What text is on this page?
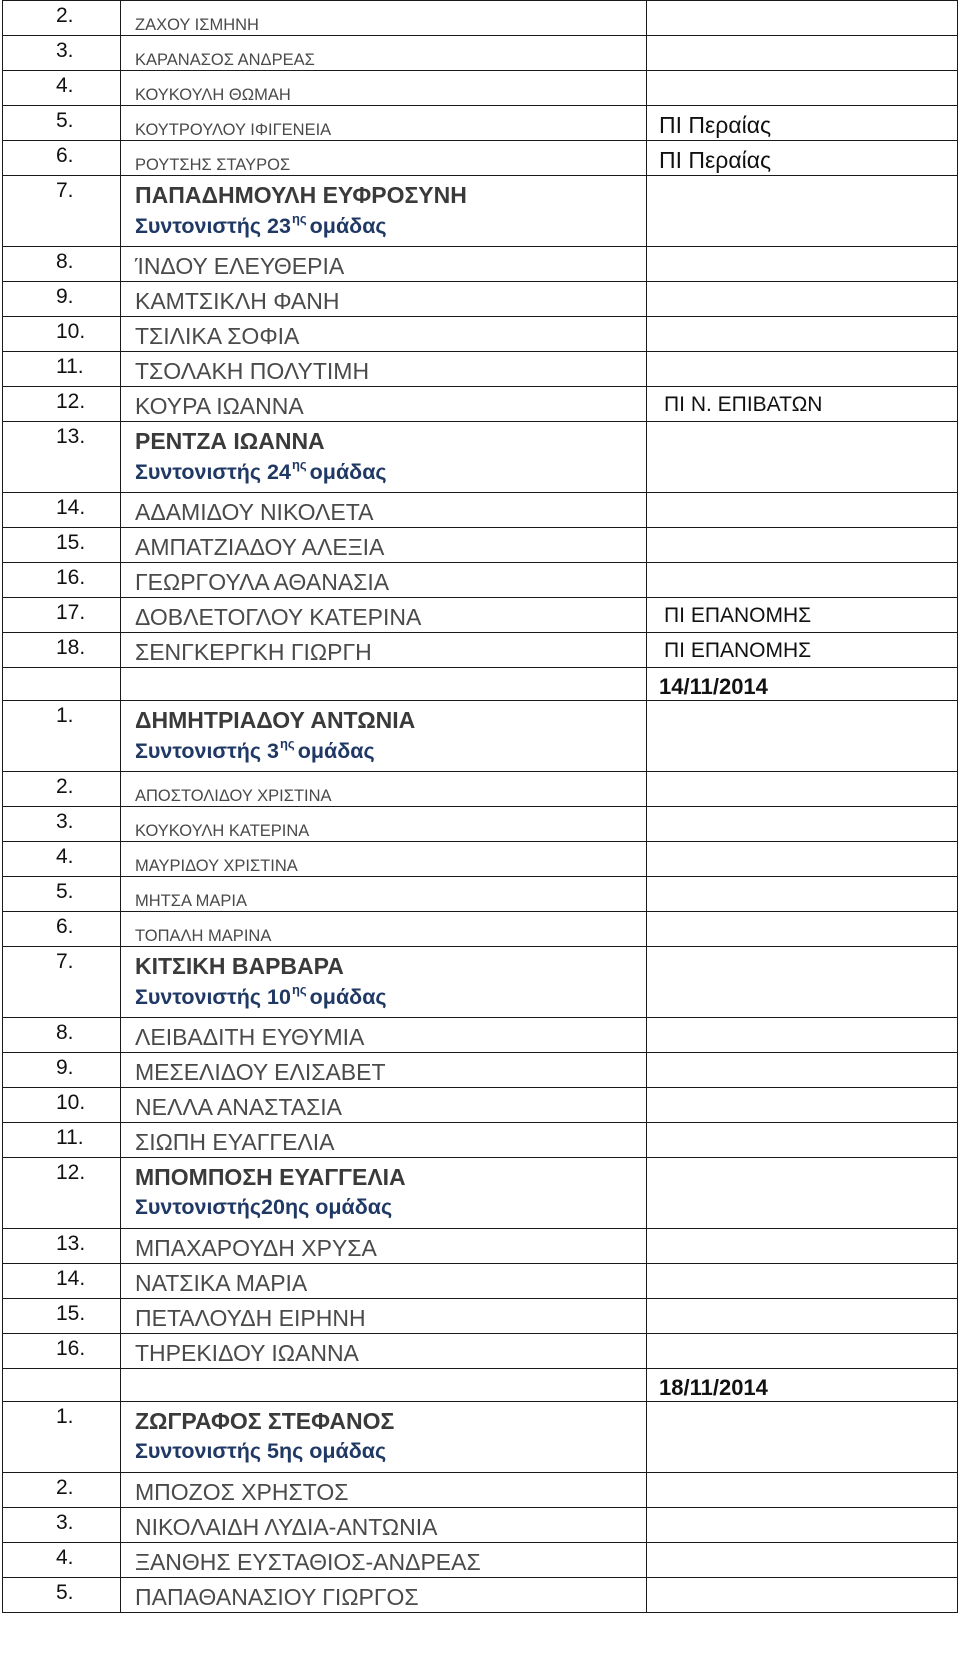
2.	ΖΑΧΟΥ ΙΣΜΗΝΗ	

3.	ΚΑΡΑΝΑΣΟΣ ΑΝΔΡΕΑΣ	

4.	ΚΟΥΚΟΥΛΗ ΘΩΜΑΗ	

5.	ΚΟΥΤΡΟΥΛΟΥ ΙΦΙΓΕΝΕΙΑ	ΠΙ Περαίας

6.	ΡΟΥΤΣΗΣ ΣΤΑΥΡΟΣ	ΠΙ Περαίας

7.	ΠΑΠΑΔΗΜΟΥΛΗ ΕΥΦΡΟΣΥΝΗ
Συντονιστής $23^{\eta\varsigma}$ ομάδας	

8.	ΊΝΔΟΥ ΕΛΕΥΘΕΡΙΑ	

9.	ΚΑΜΤΣΙΚΛΗ ΦΑΝΗ	

10.	ΤΣΙΛΙΚΑ ΣΟΦΙΑ	

11.	ΤΣΟΛΑΚΗ ΠΟΛΥΤΙΜΗ	

12.	ΚΟΥΡΑ ΙΩΑΝΝΑ	ΠΙ Ν. ΕΠΙΒΑΤΩΝ

13.	ΡΕΝΤΖΑ ΙΩΑΝΝΑ
Συντονιστής $24^{\eta\varsigma}$ ομάδας	

14.	ΑΔΑΜΙΔΟΥ ΝΙΚΟΛΕΤΑ	

15.	ΑΜΠΑΤΖΙΑΔΟΥ ΑΛΕΞΙΑ	

16.	ΓΕΩΡΓΟΥΛΑ ΑΘΑΝΑΣΙΑ	

17.	ΔΟΒΛΕΤΟΓΛΟΥ ΚΑΤΕΡΙΝΑ	ΠΙ ΕΠΑΝΟΜΗΣ

18.	ΣΕΝΓΚΕΡΓΚΗ ΓΙΩΡΓΗ	ΠΙ ΕΠΑΝΟΜΗΣ

		14/11/2014

1.	ΔΗΜΗΤΡΙΑΔΟΥ ΑΝΤΩΝΙΑ
Συντονιστής $3^{\eta\varsigma}$ ομάδας	

2.	ΑΠΟΣΤΟΛΙΔΟΥ ΧΡΙΣΤΙΝΑ	

3.	ΚΟΥΚΟΥΛΗ ΚΑΤΕΡΙΝΑ	

4.	ΜΑΥΡΙΔΟΥ ΧΡΙΣΤΙΝΑ	

5.	ΜΗΤΣΑ ΜΑΡΙΑ	

6.	ΤΟΠΑΛΗ ΜΑΡΙΝΑ	

7.	ΚΙΤΣΙΚΗ ΒΑΡΒΑΡΑ
Συντονιστής $10^{\eta\varsigma}$ ομάδας	

8.	ΛΕΙΒΑΔΙΤΗ ΕΥΘΥΜΙΑ	

9.	ΜΕΣΕΛΙΔΟΥ ΕΛΙΣΑΒΕΤ	

10.	ΝΕΛΛΑ ΑΝΑΣΤΑΣΙΑ	

11.	ΣΙΩΠΗ ΕΥΑΓΓΕΛΙΑ	

12.	ΜΠΟΜΠΟΣΗ ΕΥΑΓΓΕΛΙΑ
Συντονιστής20ης ομάδας	

13.	ΜΠΑΧΑΡΟΥΔΗ ΧΡΥΣΑ	

14.	ΝΑΤΣΙΚΑ ΜΑΡΙΑ	

15.	ΠΕΤΑΛΟΥΔΗ ΕΙΡΗΝΗ	

16.	ΤΗΡΕΚΙΔΟΥ ΙΩΑΝΝΑ	

		18/11/2014

1.	ΖΩΓΡΑΦΟΣ ΣΤΕΦΑΝΟΣ
Συντονιστής 5ης ομάδας	

2.	ΜΠΟΖΟΣ ΧΡΗΣΤΟΣ	

3.	ΝΙΚΟΛΑΙΔΗ ΛΥΔΙΑ-ΑΝΤΩΝΙΑ	

4.	ΞΑΝΘΗΣ ΕΥΣΤΑΘΙΟΣ-ΑΝΔΡΕΑΣ	

5.	ΠΑΠΑΘΑΝΑΣΙΟΥ ΓΙΩΡΓΟΣ	
